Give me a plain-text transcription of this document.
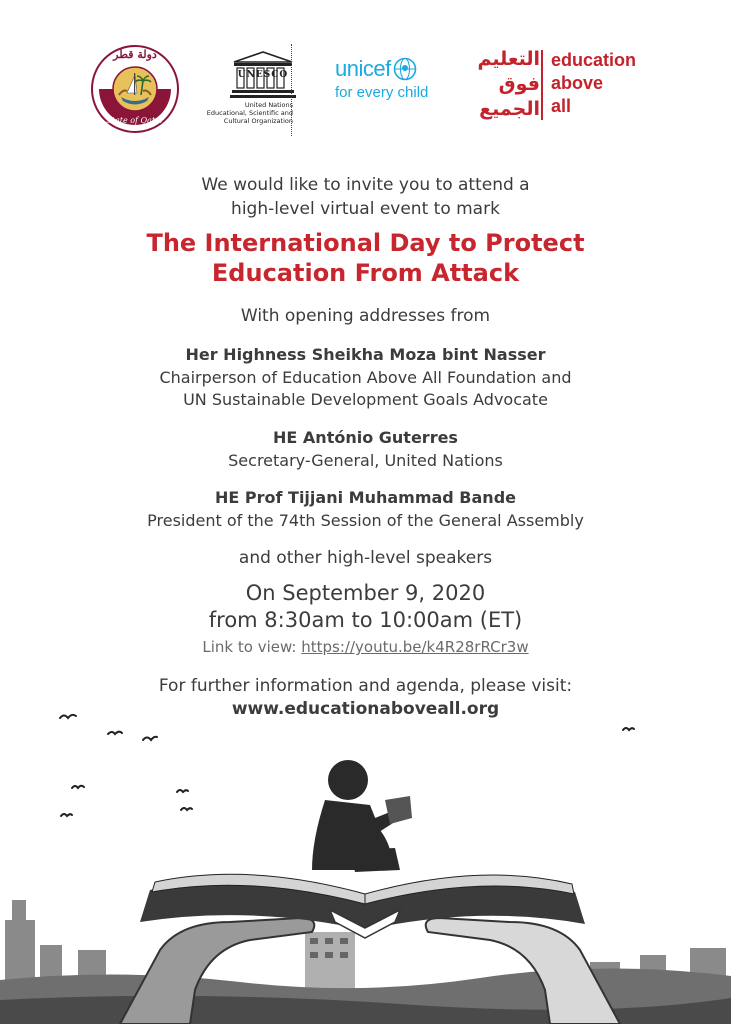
دولة قطر
State of Qatar
UNESCO
United Nations
Educational, Scientific and
Cultural Organization
unicef
for every child
التعليم
فوق
الجميع
education
above
all
We would like to invite you to attend a
high-level virtual event to mark
The International Day to Protect
Education From Attack
With opening addresses from
Her Highness Sheikha Moza bint Nasser
Chairperson of Education Above All Foundation and
UN Sustainable Development Goals Advocate
HE António Guterres
Secretary-General, United Nations
HE Prof Tijjani Muhammad Bande
President of the 74th Session of the General Assembly
and other high-level speakers
On September 9, 2020
from 8:30am to 10:00am (ET)
Link to view: https://youtu.be/k4R28rRCr3w
For further information and agenda, please visit:
www.educationaboveall.org
